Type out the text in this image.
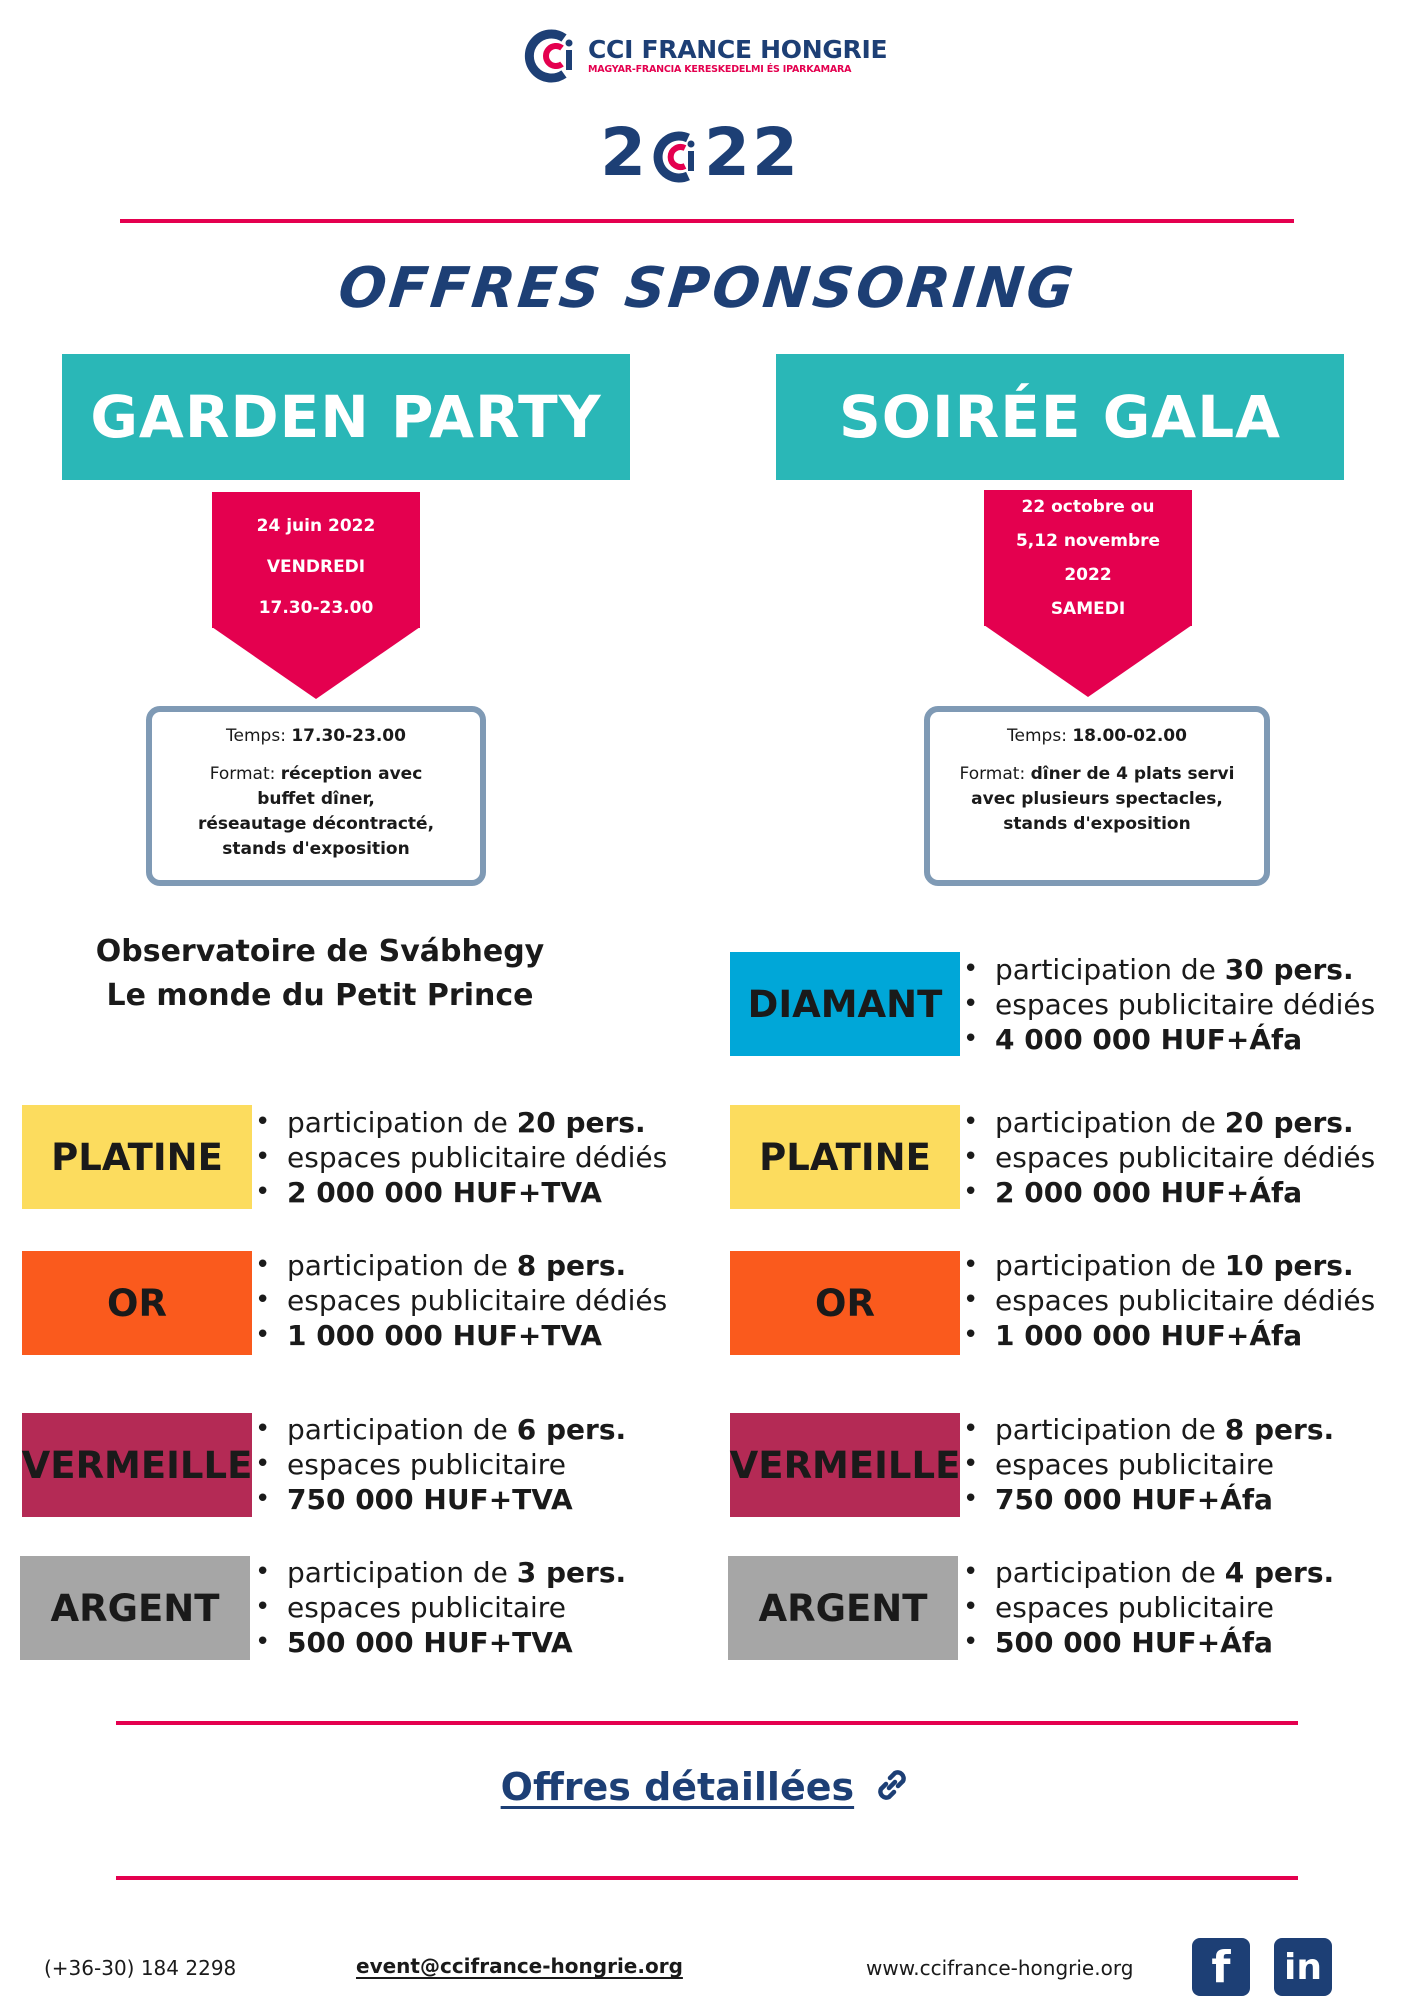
CCI FRANCE HONGRIE
MAGYAR-FRANCIA KERESKEDELMI ÉS IPARKAMARA
2 22
OFFRES SPONSORING
GARDEN PARTY	SOIRÉE GALA
24 juin 2022
VENDREDI
17.30-23.00
22 octobre ou
5,12 novembre
2022
SAMEDI
18.00-02.00
Temps: 17.30-23.00
Format: réception avec
buffet dîner,
réseautage décontracté,
stands d'exposition
Temps: 18.00-02.00
Format: dîner de 4 plats servi
avec plusieurs spectacles,
stands d'exposition
Observatoire de Svábhegy
Le monde du Petit Prince
PLATINE
• participation de 20 pers.
• espaces publicitaire dédiés
• 2 000 000 HUF+TVA
OR
• participation de 8 pers.
• espaces publicitaire dédiés
• 1 000 000 HUF+TVA
VERMEILLE
• participation de 6 pers.
• espaces publicitaire
• 750 000 HUF+TVA
ARGENT
• participation de 3 pers.
• espaces publicitaire
• 500 000 HUF+TVA
DIAMANT
• participation de 30 pers.
• espaces publicitaire dédiés
• 4 000 000 HUF+Áfa
PLATINE
• participation de 20 pers.
• espaces publicitaire dédiés
• 2 000 000 HUF+Áfa
OR
• participation de 10 pers.
• espaces publicitaire dédiés
• 1 000 000 HUF+Áfa
VERMEILLE
• participation de 8 pers.
• espaces publicitaire
• 750 000 HUF+Áfa
ARGENT
• participation de 4 pers.
• espaces publicitaire
• 500 000 HUF+Áfa
Offres détaillées
(+36-30) 184 2298	event@ccifrance-hongrie.org	www.ccifrance-hongrie.org	f	in
